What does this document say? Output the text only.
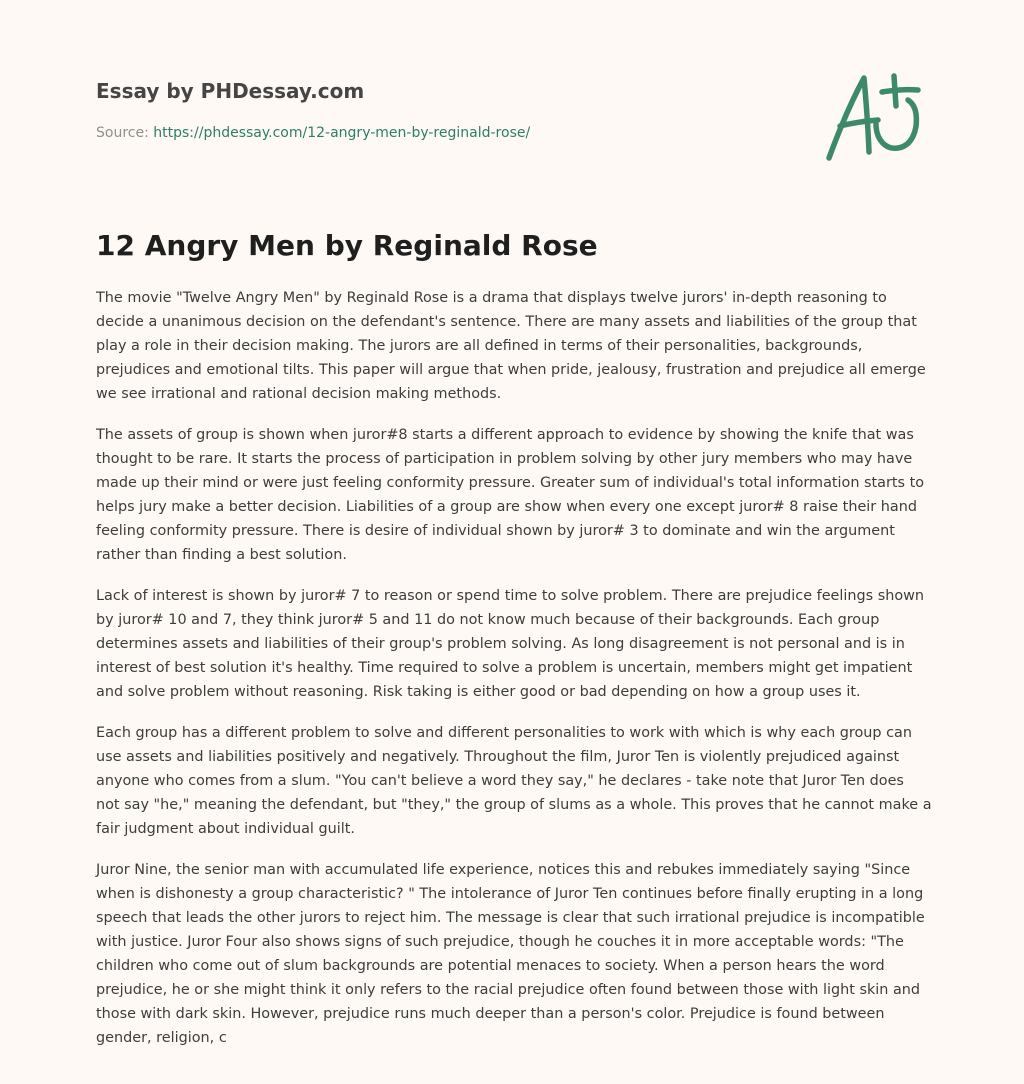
Essay by PHDessay.com
Source: https://phdessay.com/12-angry-men-by-reginald-rose/
12 Angry Men by Reginald Rose

The movie "Twelve Angry Men" by Reginald Rose is a drama that displays twelve jurors' in-depth reasoning to decide a unanimous decision on the defendant's sentence. There are many assets and liabilities of the group that play a role in their decision making. The jurors are all defined in terms of their personalities, backgrounds, prejudices and emotional tilts. This paper will argue that when pride, jealousy, frustration and prejudice all emerge we see irrational and rational decision making methods.

The assets of group is shown when juror#8 starts a different approach to evidence by showing the knife that was thought to be rare. It starts the process of participation in problem solving by other jury members who may have made up their mind or were just feeling conformity pressure. Greater sum of individual's total information starts to helps jury make a better decision. Liabilities of a group are show when every one except juror# 8 raise their hand feeling conformity pressure. There is desire of individual shown by juror# 3 to dominate and win the argument rather than finding a best solution.

Lack of interest is shown by juror# 7 to reason or spend time to solve problem. There are prejudice feelings shown by juror# 10 and 7, they think juror# 5 and 11 do not know much because of their backgrounds. Each group determines assets and liabilities of their group's problem solving. As long disagreement is not personal and is in interest of best solution it's healthy. Time required to solve a problem is uncertain, members might get impatient and solve problem without reasoning. Risk taking is either good or bad depending on how a group uses it.

Each group has a different problem to solve and different personalities to work with which is why each group can use assets and liabilities positively and negatively. Throughout the film, Juror Ten is violently prejudiced against anyone who comes from a slum. "You can't believe a word they say," he declares - take note that Juror Ten does not say "he," meaning the defendant, but "they," the group of slums as a whole. This proves that he cannot make a fair judgment about individual guilt.

Juror Nine, the senior man with accumulated life experience, notices this and rebukes immediately saying "Since when is dishonesty a group characteristic? " The intolerance of Juror Ten continues before finally erupting in a long speech that leads the other jurors to reject him. The message is clear that such irrational prejudice is incompatible with justice. Juror Four also shows signs of such prejudice, though he couches it in more acceptable words: "The children who come out of slum backgrounds are potential menaces to society. When a person hears the word prejudice, he or she might think it only refers to the racial prejudice often found between those with light skin and those with dark skin. However, prejudice runs much deeper than a person's color. Prejudice is found between gender, religion, c
